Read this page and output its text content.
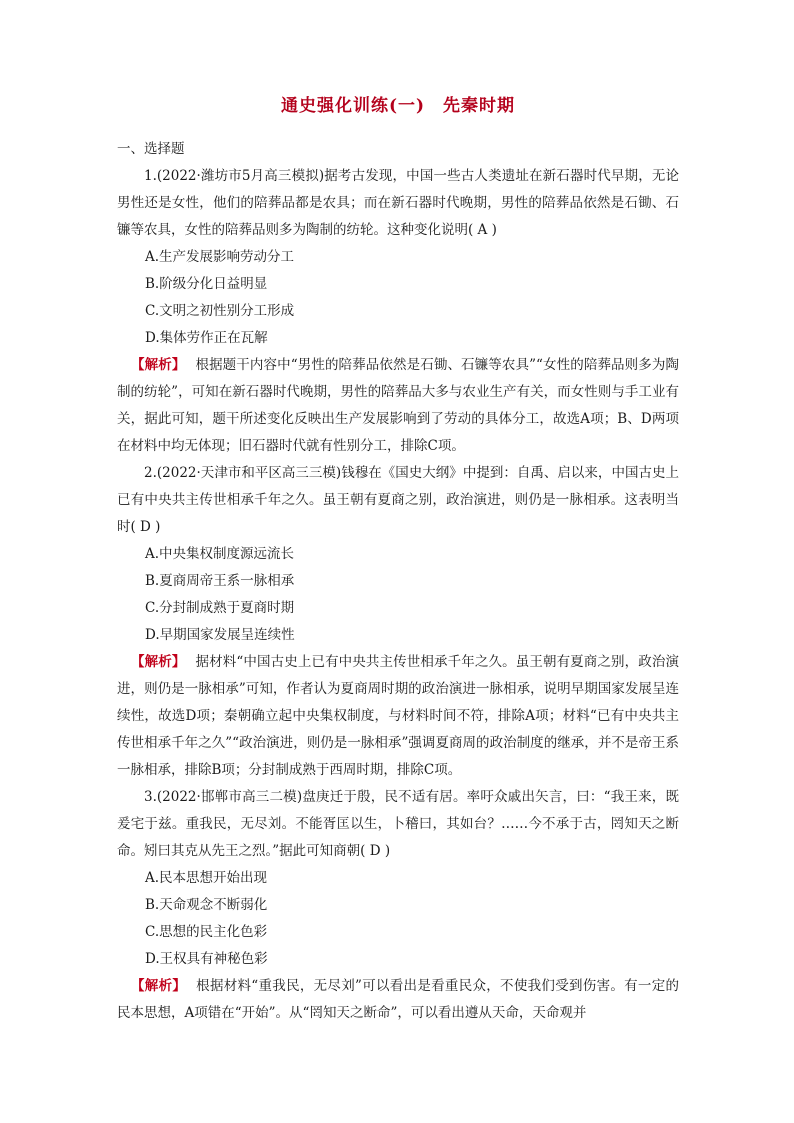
通史强化训练(一)　先秦时期
一、选择题

1.(2022·潍坊市5月高三模拟)据考古发现，中国一些古人类遗址在新石器时代早期，无论男性还是女性，他们的陪葬品都是农具；而在新石器时代晚期，男性的陪葬品依然是石锄、石镰等农具，女性的陪葬品则多为陶制的纺轮。这种变化说明( A )

A.生产发展影响劳动分工

B.阶级分化日益明显

C.文明之初性别分工形成

D.集体劳作正在瓦解

【解析】 根据题干内容中“男性的陪葬品依然是石锄、石镰等农具”“女性的陪葬品则多为陶制的纺轮”，可知在新石器时代晚期，男性的陪葬品大多与农业生产有关，而女性则与手工业有关，据此可知，题干所述变化反映出生产发展影响到了劳动的具体分工，故选A项；B、D两项在材料中均无体现；旧石器时代就有性别分工，排除C项。

2.(2022·天津市和平区高三三模)钱穆在《国史大纲》中提到：自禹、启以来，中国古史上已有中央共主传世相承千年之久。虽王朝有夏商之别，政治演进，则仍是一脉相承。这表明当时( D )

A.中央集权制度源远流长

B.夏商周帝王系一脉相承

C.分封制成熟于夏商时期

D.早期国家发展呈连续性

【解析】 据材料“中国古史上已有中央共主传世相承千年之久。虽王朝有夏商之别，政治演进，则仍是一脉相承”可知，作者认为夏商周时期的政治演进一脉相承，说明早期国家发展呈连续性，故选D项；秦朝确立起中央集权制度，与材料时间不符，排除A项；材料“已有中央共主传世相承千年之久”“政治演进，则仍是一脉相承”强调夏商周的政治制度的继承，并不是帝王系一脉相承，排除B项；分封制成熟于西周时期，排除C项。

3.(2022·邯郸市高三二模)盘庚迁于殷，民不适有居。率吁众戚出矢言，曰：“我王来，既爰宅于兹。重我民，无尽刘。不能胥匡以生，卜稽曰，其如台？……今不承于古，罔知天之断命。矧曰其克从先王之烈。”据此可知商朝( D )

A.民本思想开始出现

B.天命观念不断弱化

C.思想的民主化色彩

D.王权具有神秘色彩

【解析】 根据材料“重我民，无尽刘”可以看出是看重民众，不使我们受到伤害。有一定的民本思想，A项错在“开始”。从“罔知天之断命”，可以看出遵从天命，天命观并
